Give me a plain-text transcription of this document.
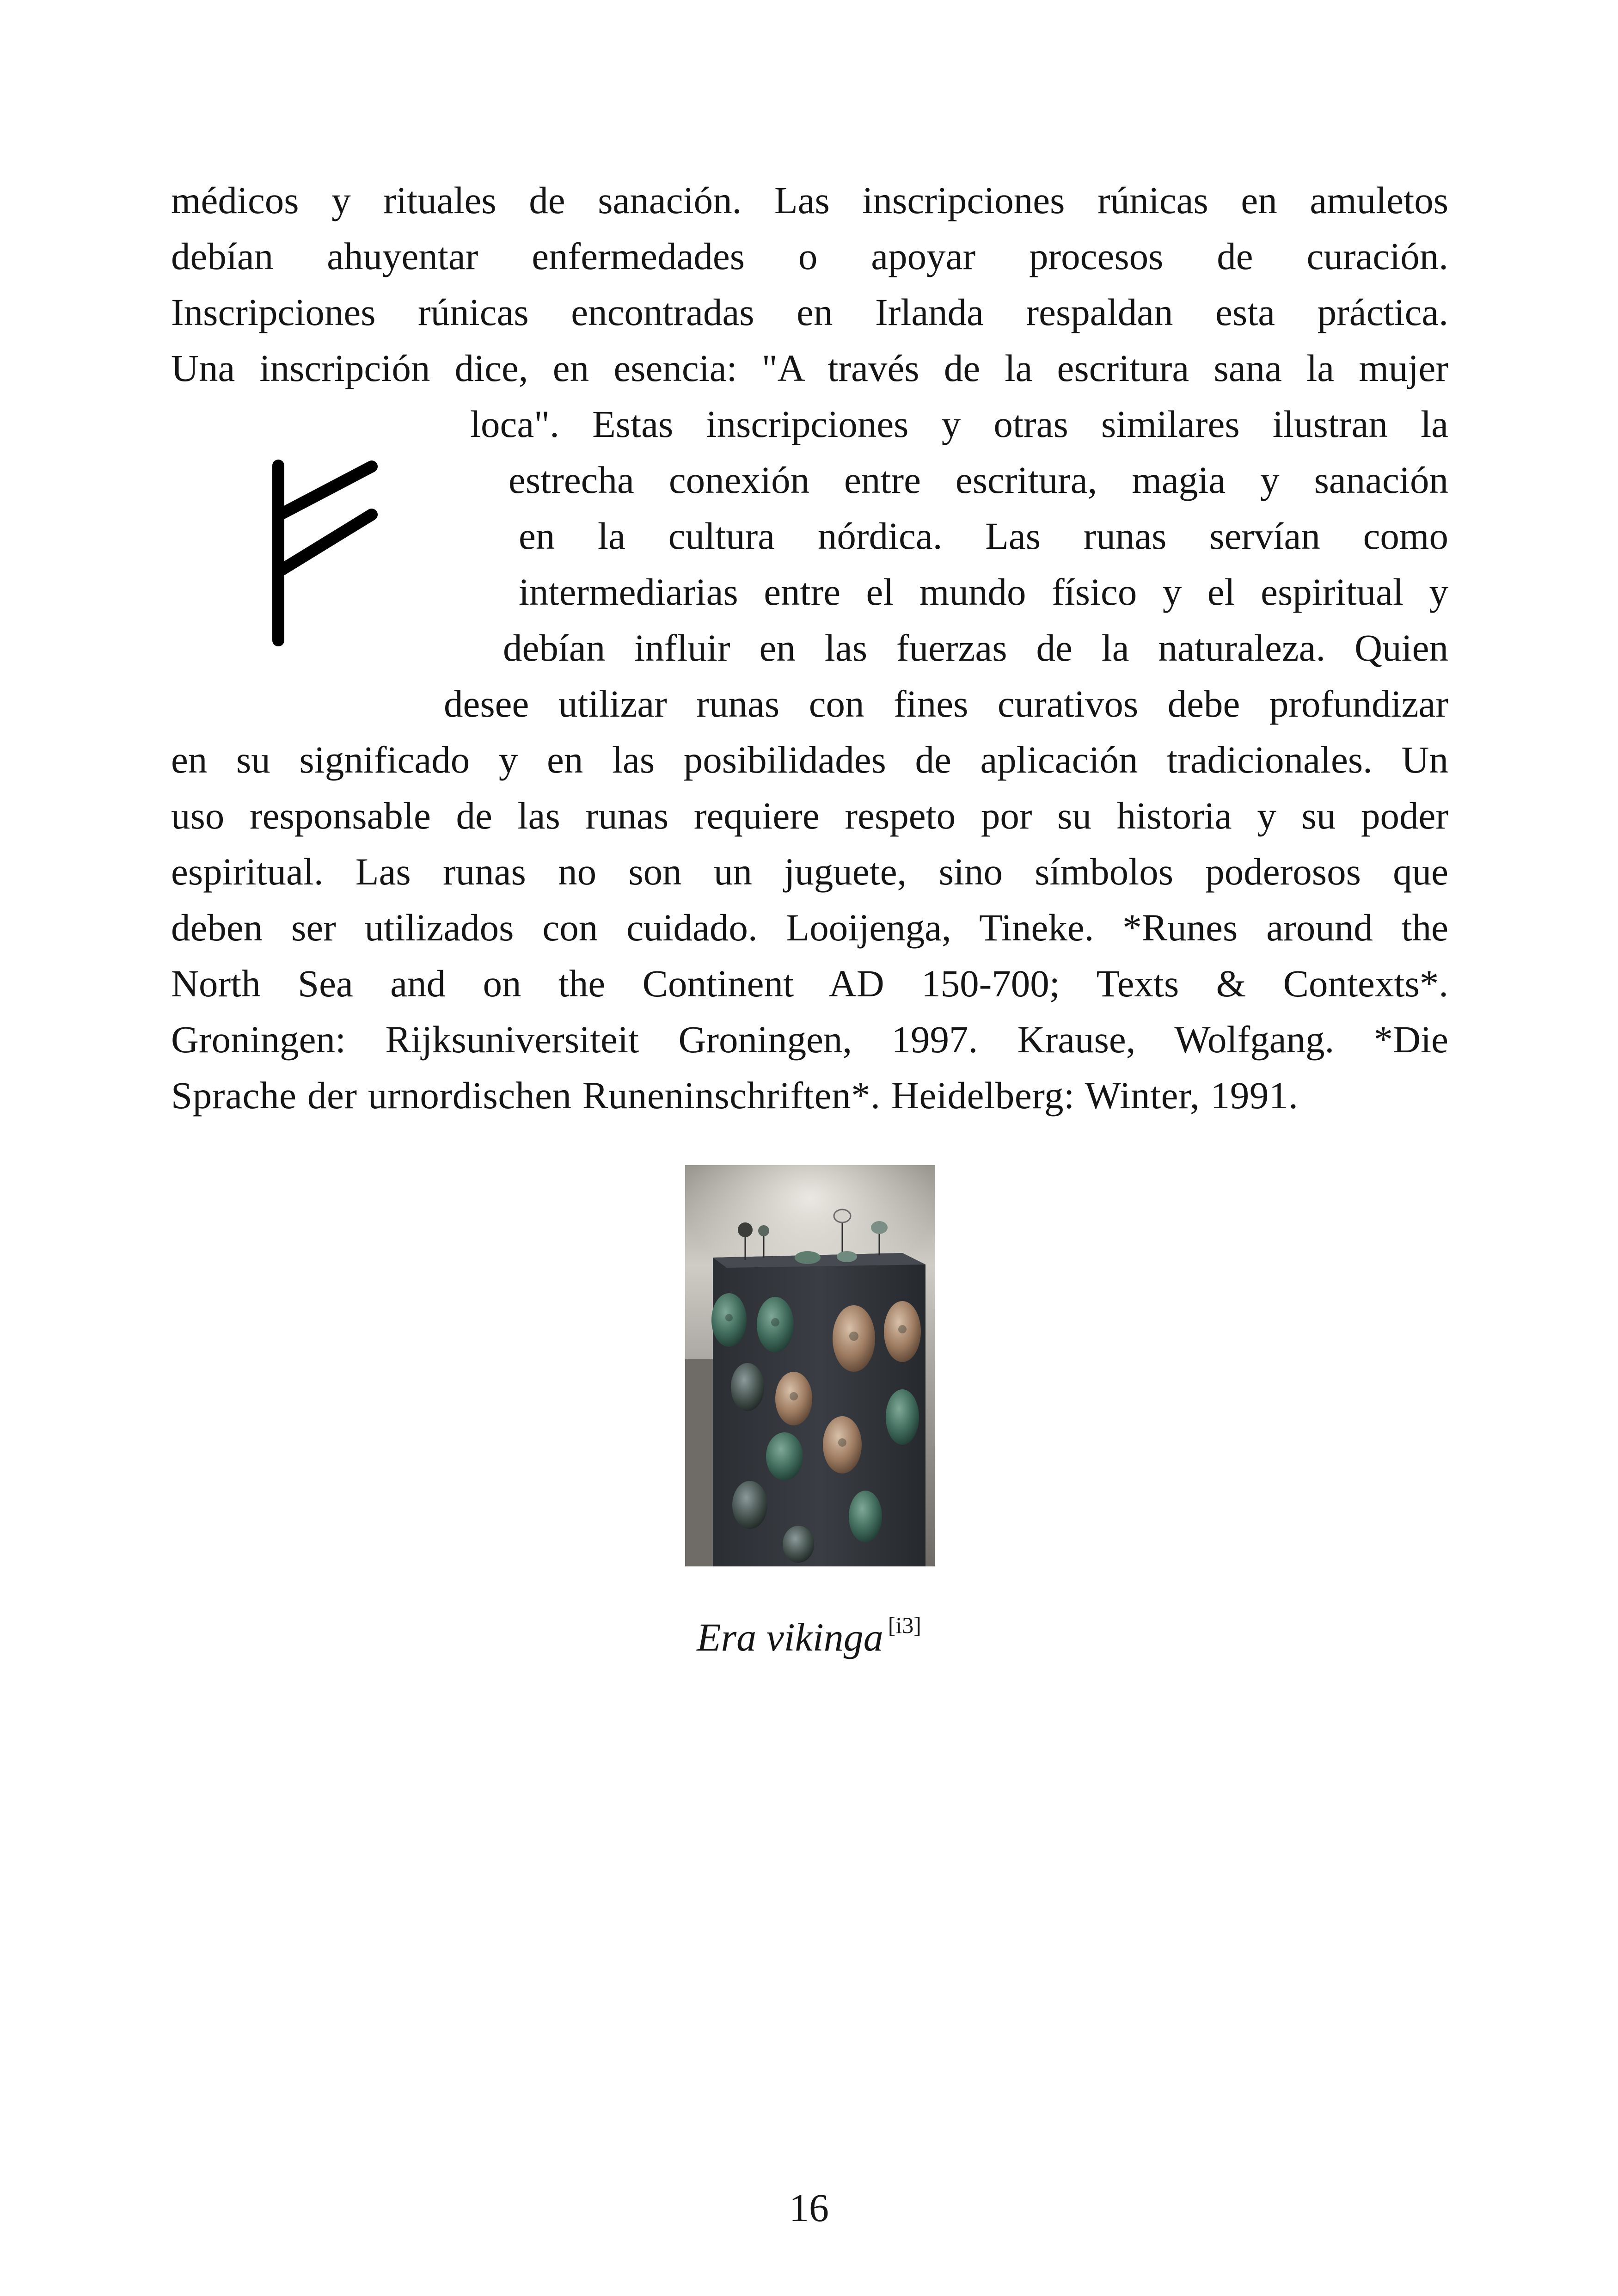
médicos y rituales de sanación. Las inscripciones rúnicas en amuletos
debían ahuyentar enfermedades o apoyar procesos de curación.
Inscripciones rúnicas encontradas en Irlanda respaldan esta práctica.
Una inscripción dice, en esencia: "A través de la escritura sana la mujer
loca". Estas inscripciones y otras similares ilustran la
estrecha conexión entre escritura, magia y sanación
en la cultura nórdica. Las runas servían como
intermediarias entre el mundo físico y el espiritual y
debían influir en las fuerzas de la naturaleza. Quien
desee utilizar runas con fines curativos debe profundizar
en su significado y en las posibilidades de aplicación tradicionales. Un
uso responsable de las runas requiere respeto por su historia y su poder
espiritual. Las runas no son un juguete, sino símbolos poderosos que
deben ser utilizados con cuidado. Looijenga, Tineke. *Runes around the
North Sea and on the Continent AD 150-700; Texts & Contexts*.
Groningen: Rijksuniversiteit Groningen, 1997. Krause, Wolfgang. *Die
Sprache der urnordischen Runeninschriften*. Heidelberg: Winter, 1991.
Era vikinga [i3]
16
